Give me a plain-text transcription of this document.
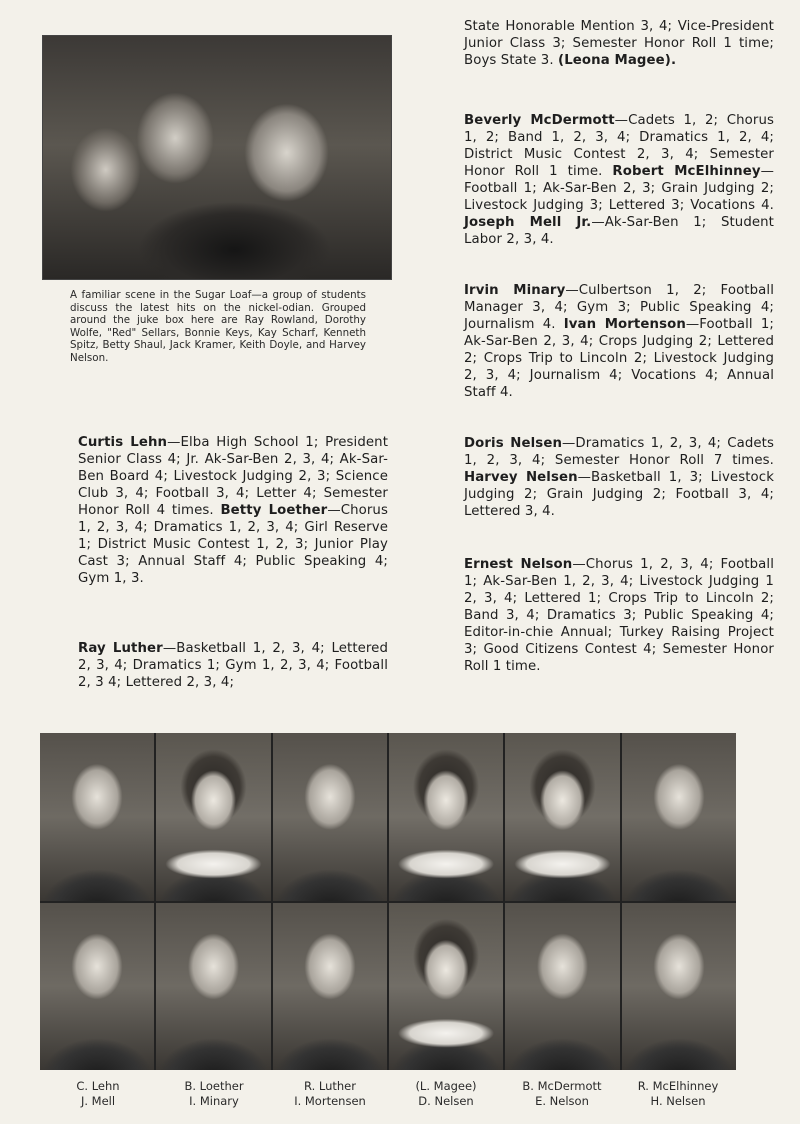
A familiar scene in the Sugar Loaf—a group of students discuss the latest hits on the nickel-odian. Grouped around the juke box here are Ray Rowland, Dorothy Wolfe, "Red" Sellars, Bonnie Keys, Kay Scharf, Kenneth Spitz, Betty Shaul, Jack Kramer, Keith Doyle, and Harvey Nelson.
Curtis Lehn—Elba High School 1; President Senior Class 4; Jr. Ak-Sar-Ben 2, 3, 4; Ak-Sar-Ben Board 4; Livestock Judging 2, 3; Science Club 3, 4; Football 3, 4; Letter 4; Semester Honor Roll 4 times. Betty Loether—Chorus 1, 2, 3, 4; Dramatics 1, 2, 3, 4; Girl Reserve 1; District Music Contest 1, 2, 3; Junior Play Cast 3; Annual Staff 4; Public Speaking 4; Gym 1, 3.
Ray Luther—Basketball 1, 2, 3, 4; Lettered 2, 3, 4; Dramatics 1; Gym 1, 2, 3, 4; Football 2, 3 4; Lettered 2, 3, 4;
State Honorable Mention 3, 4; Vice-President Junior Class 3; Semester Honor Roll 1 time; Boys State 3. (Leona Magee).
Beverly McDermott—Cadets 1, 2; Chorus 1, 2; Band 1, 2, 3, 4; Dramatics 1, 2, 4; District Music Contest 2, 3, 4; Semester Honor Roll 1 time. Robert McElhinney—Football 1; Ak-Sar-Ben 2, 3; Grain Judging 2; Livestock Judging 3; Lettered 3; Vocations 4. Joseph Mell Jr.—Ak-Sar-Ben 1; Student Labor 2, 3, 4.
Irvin Minary—Culbertson 1, 2; Football Manager 3, 4; Gym 3; Public Speaking 4; Journalism 4. Ivan Mortenson—Football 1; Ak-Sar-Ben 2, 3, 4; Crops Judging 2; Lettered 2; Crops Trip to Lincoln 2; Livestock Judging 2, 3, 4; Journalism 4; Vocations 4; Annual Staff 4.
Doris Nelsen—Dramatics 1, 2, 3, 4; Cadets 1, 2, 3, 4; Semester Honor Roll 7 times. Harvey Nelsen—Basketball 1, 3; Livestock Judging 2; Grain Judging 2; Football 3, 4; Lettered 3, 4.
Ernest Nelson—Chorus 1, 2, 3, 4; Football 1; Ak-Sar-Ben 1, 2, 3, 4; Livestock Judging 1 2, 3, 4; Lettered 1; Crops Trip to Lincoln 2; Band 3, 4; Dramatics 3; Public Speaking 4; Editor-in-chie Annual; Turkey Raising Project 3; Good Citizens Contest 4; Semester Honor Roll 1 time.
C. Lehn
J. Mell
B. Loether
I. Minary
R. Luther
I. Mortensen
(L. Magee)
D. Nelsen
B. McDermott
E. Nelson
R. McElhinney
H. Nelsen
